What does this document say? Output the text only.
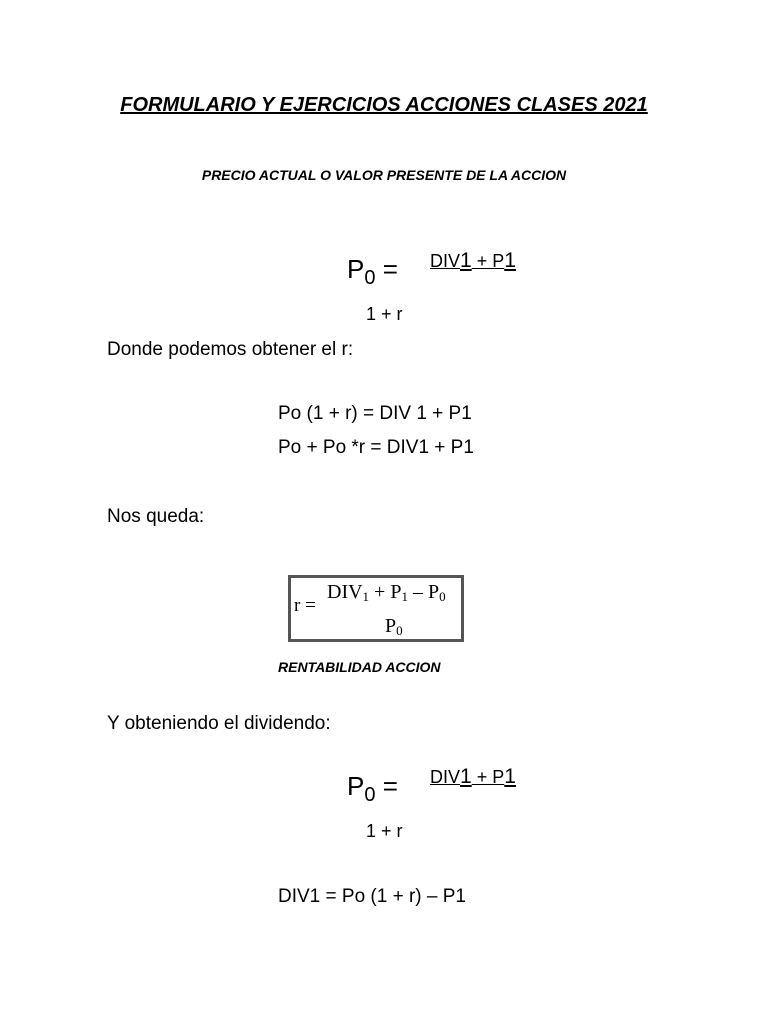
FORMULARIO Y EJERCICIOS ACCIONES CLASES 2021
PRECIO ACTUAL O VALOR PRESENTE DE LA ACCION
$P_0 = DIV1 + P1$
1 + r
Donde podemos obtener el r:
Po (1 + r) = DIV 1 + P1
Po + Po *r = DIV1 + P1
Nos queda:
r =
$DIV_1 + P_1 - P_0$
$P_0$
RENTABILIDAD ACCION
Y obteniendo el dividendo:
$P_0 = DIV1 + P1$
1 + r
DIV1 = Po (1 + r) – P1
